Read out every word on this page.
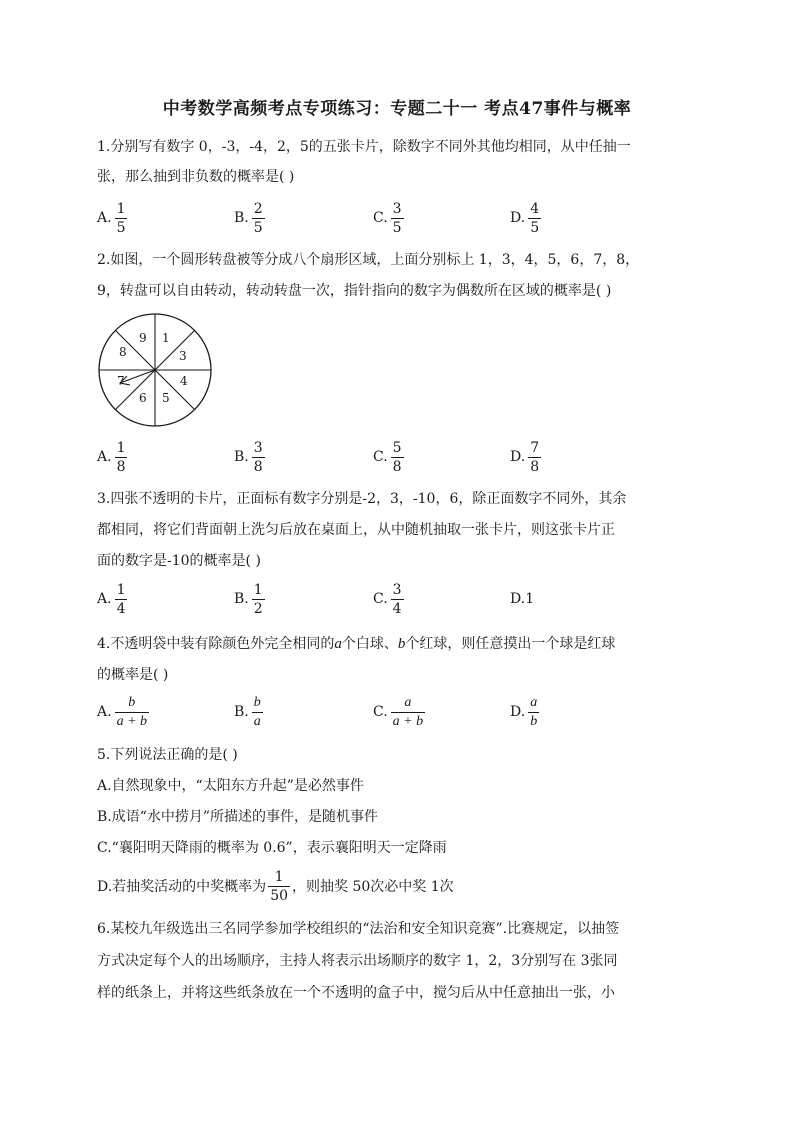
中考数学高频考点专项练习：专题二十一 考点47事件与概率
1.分别写有数字 0，-3，-4，2，5的五张卡片，除数字不同外其他均相同，从中任抽一
张，那么抽到非负数的概率是( )
A. $\frac{1}{5}$	B. $\frac{2}{5}$	C. $\frac{3}{5}$	D. $\frac{4}{5}$
2.如图，一个圆形转盘被等分成八个扇形区域，上面分别标上 1，3，4，5，6，7，8，
9，转盘可以自由转动，转动转盘一次，指针指向的数字为偶数所在区域的概率是( )
1
3
4
5
6
7
8
9
A. $\frac{1}{8}$	B. $\frac{3}{8}$	C. $\frac{5}{8}$	D. $\frac{7}{8}$
3.四张不透明的卡片，正面标有数字分别是-2，3，-10，6，除正面数字不同外，其余
都相同，将它们背面朝上洗匀后放在桌面上，从中随机抽取一张卡片，则这张卡片正
面的数字是-10的概率是( )
A. $\frac{1}{4}$	B. $\frac{1}{2}$	C. $\frac{3}{4}$	D. 1
4.不透明袋中装有除颜色外完全相同的a个白球、b个红球，则任意摸出一个球是红球
的概率是( )
A. $\frac{b}{a + b}$	B. $\frac{b}{a}$	C. $\frac{a}{a + b}$	D. $\frac{a}{b}$
5.下列说法正确的是( )
A.自然现象中，“太阳东方升起”是必然事件
B.成语“水中捞月”所描述的事件，是随机事件
C.“襄阳明天降雨的概率为 0.6”，表示襄阳明天一定降雨
D.若抽奖活动的中奖概率为 $\frac{1}{50}$ ，则抽奖 50次必中奖 1次
6.某校九年级选出三名同学参加学校组织的“法治和安全知识竞赛”.比赛规定，以抽签
方式决定每个人的出场顺序，主持人将表示出场顺序的数字 1，2，3分别写在 3张同
样的纸条上，并将这些纸条放在一个不透明的盒子中，搅匀后从中任意抽出一张，小
